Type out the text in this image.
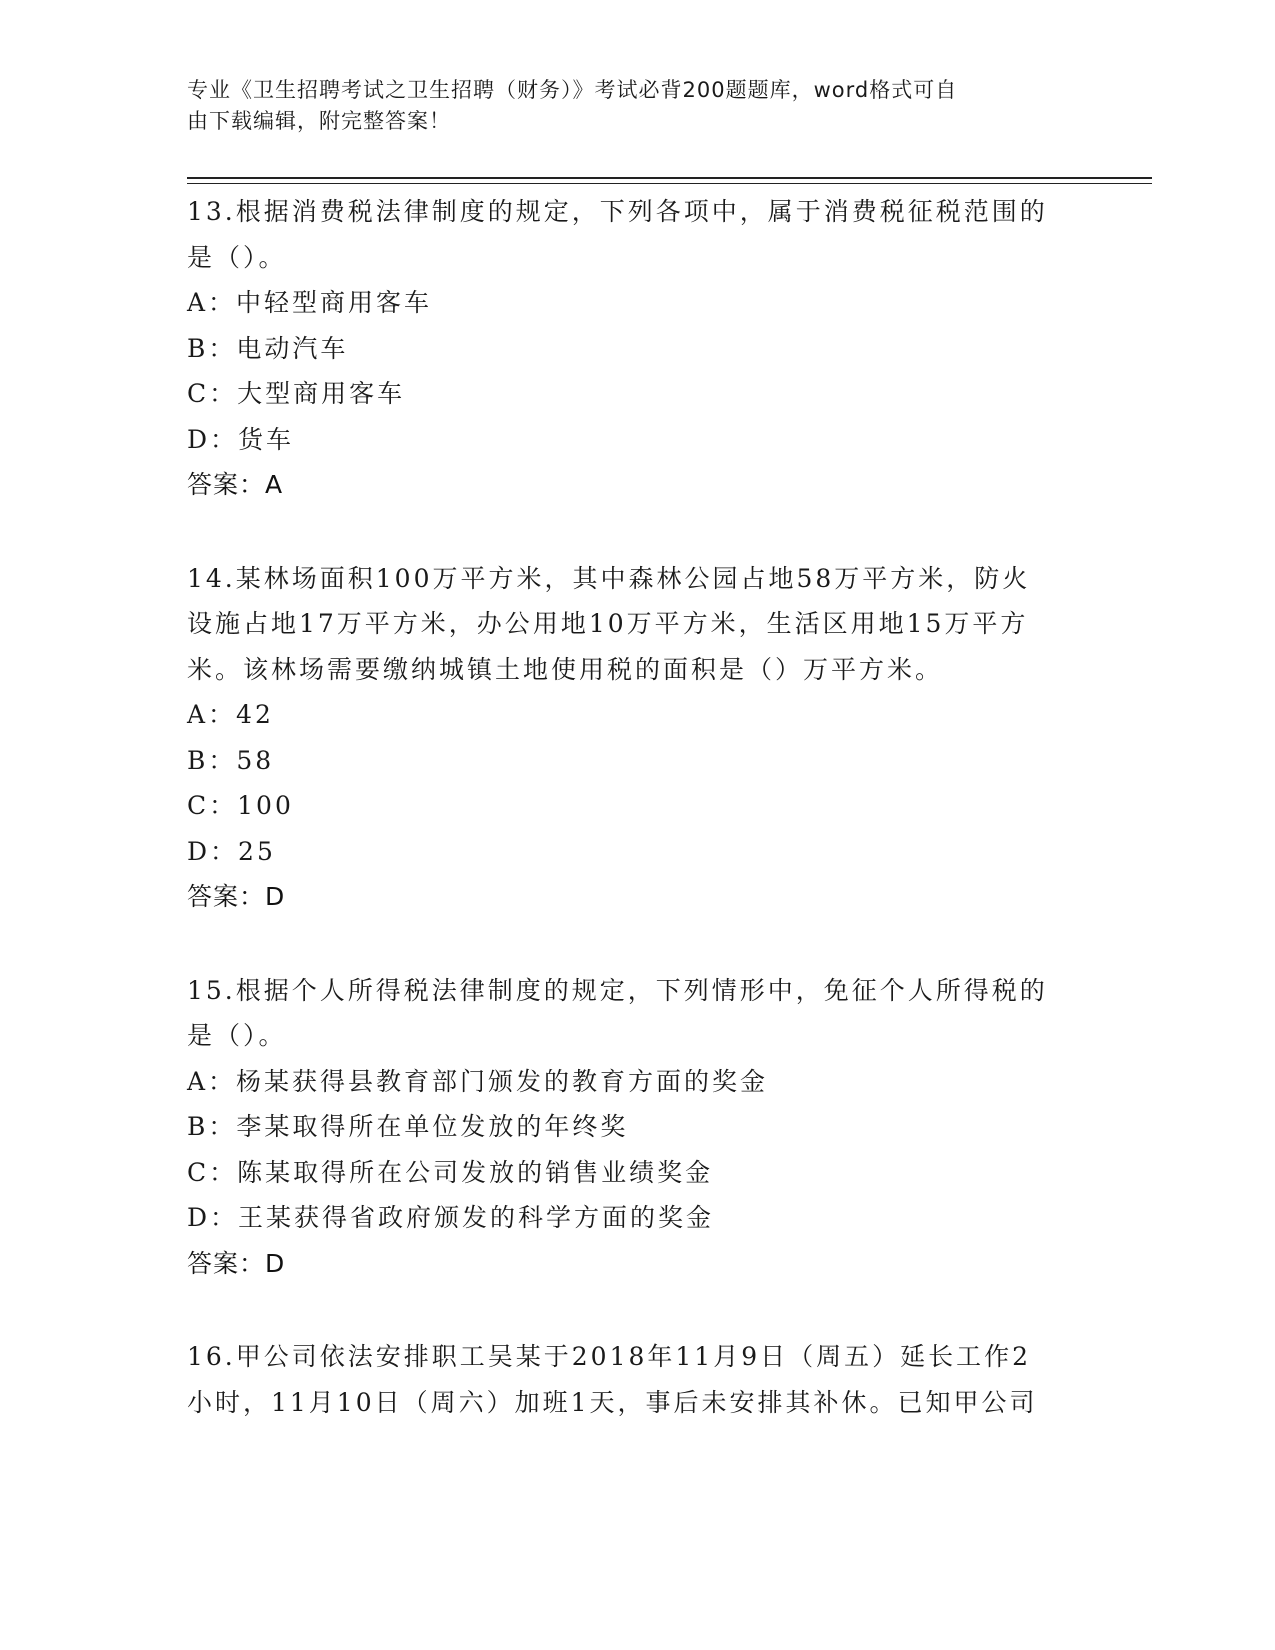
专业《卫生招聘考试之卫生招聘（财务）》考试必背200题题库，word格式可自
由下载编辑，附完整答案！
13.根据消费税法律制度的规定，下列各项中，属于消费税征税范围的
是（）。
A：中轻型商用客车
B：电动汽车
C：大型商用客车
D：货车
答案：A
14.某林场面积100万平方米，其中森林公园占地58万平方米，防火
设施占地17万平方米，办公用地10万平方米，生活区用地15万平方
米。该林场需要缴纳城镇土地使用税的面积是（）万平方米。
A：42
B：58
C：100
D：25
答案：D
15.根据个人所得税法律制度的规定，下列情形中，免征个人所得税的
是（）。
A：杨某获得县教育部门颁发的教育方面的奖金
B：李某取得所在单位发放的年终奖
C：陈某取得所在公司发放的销售业绩奖金
D：王某获得省政府颁发的科学方面的奖金
答案：D
16.甲公司依法安排职工吴某于2018年11月9日（周五）延长工作2
小时，11月10日（周六）加班1天，事后未安排其补休。已知甲公司
